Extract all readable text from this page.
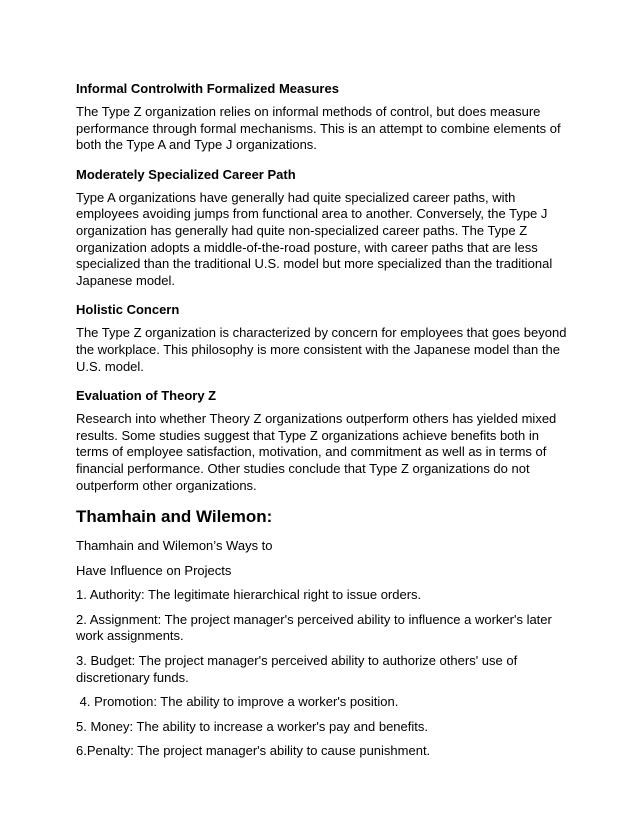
Informal Controlwith Formalized Measures

The Type Z organization relies on informal methods of control, but does measure performance through formal mechanisms. This is an attempt to combine elements of both the Type A and Type J organizations.

Moderately Specialized Career Path

Type A organizations have generally had quite specialized career paths, with employees avoiding jumps from functional area to another. Conversely, the Type J organization has generally had quite non-specialized career paths. The Type Z organization adopts a middle-of-the-road posture, with career paths that are less specialized than the traditional U.S. model but more specialized than the traditional Japanese model.

Holistic Concern

The Type Z organization is characterized by concern for employees that goes beyond the workplace. This philosophy is more consistent with the Japanese model than the U.S. model.

Evaluation of Theory Z

Research into whether Theory Z organizations outperform others has yielded mixed results. Some studies suggest that Type Z organizations achieve benefits both in terms of employee satisfaction, motivation, and commitment as well as in terms of financial performance. Other studies conclude that Type Z organizations do not outperform other organizations.

Thamhain and Wilemon:

Thamhain and Wilemon’s Ways to

Have Influence on Projects

1. Authority: The legitimate hierarchical right to issue orders.

2. Assignment: The project manager's perceived ability to influence a worker's later work assignments.

3. Budget: The project manager's perceived ability to authorize others' use of discretionary funds.

4. Promotion: The ability to improve a worker's position.

5. Money: The ability to increase a worker's pay and benefits.

6.Penalty: The project manager's ability to cause punishment.
